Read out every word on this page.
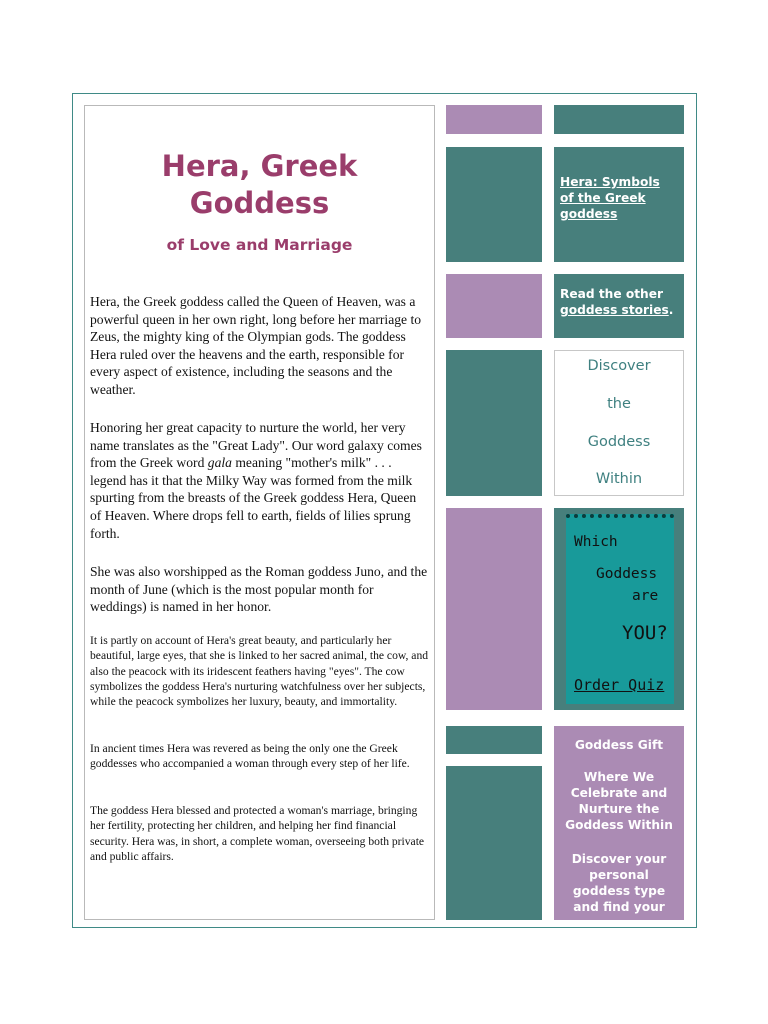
Hera, Greek
Goddess
of Love and Marriage

Hera, the Greek goddess called the Queen of Heaven, was a powerful queen in her own right, long before her marriage to Zeus, the mighty king of the Olympian gods. The goddess Hera ruled over the heavens and the earth, responsible for every aspect of existence, including the seasons and the weather.

Honoring her great capacity to nurture the world, her very name translates as the "Great Lady". Our word galaxy comes from the Greek word gala meaning "mother's milk" . . . legend has it that the Milky Way was formed from the milk spurting from the breasts of the Greek goddess Hera, Queen of Heaven. Where drops fell to earth, fields of lilies sprung forth.

She was also worshipped as the Roman goddess Juno, and the month of June (which is the most popular month for weddings) is named in her honor.

It is partly on account of Hera's great beauty, and particularly her beautiful, large eyes, that she is linked to her sacred animal, the cow, and also the peacock with its iridescent feathers having "eyes". The cow symbolizes the goddess Hera's nurturing watchfulness over her subjects, while the peacock symbolizes her luxury, beauty, and immortality.

In ancient times Hera was revered as being the only one the Greek goddesses who accompanied a woman through every step of her life.

The goddess Hera blessed and protected a woman's marriage, bringing her fertility, protecting her children, and helping her find financial security. Hera was, in short, a complete woman, overseeing both private and public affairs.

Hera: Symbols
of the Greek
goddess
Read the other
goddess stories.
Discover
the
Goddess
Within
Which
Goddess
are
YOU?
Order Quiz
Goddess Gift
Where We
Celebrate and
Nurture the
Goddess Within
Discover your
personal
goddess type
and find your
